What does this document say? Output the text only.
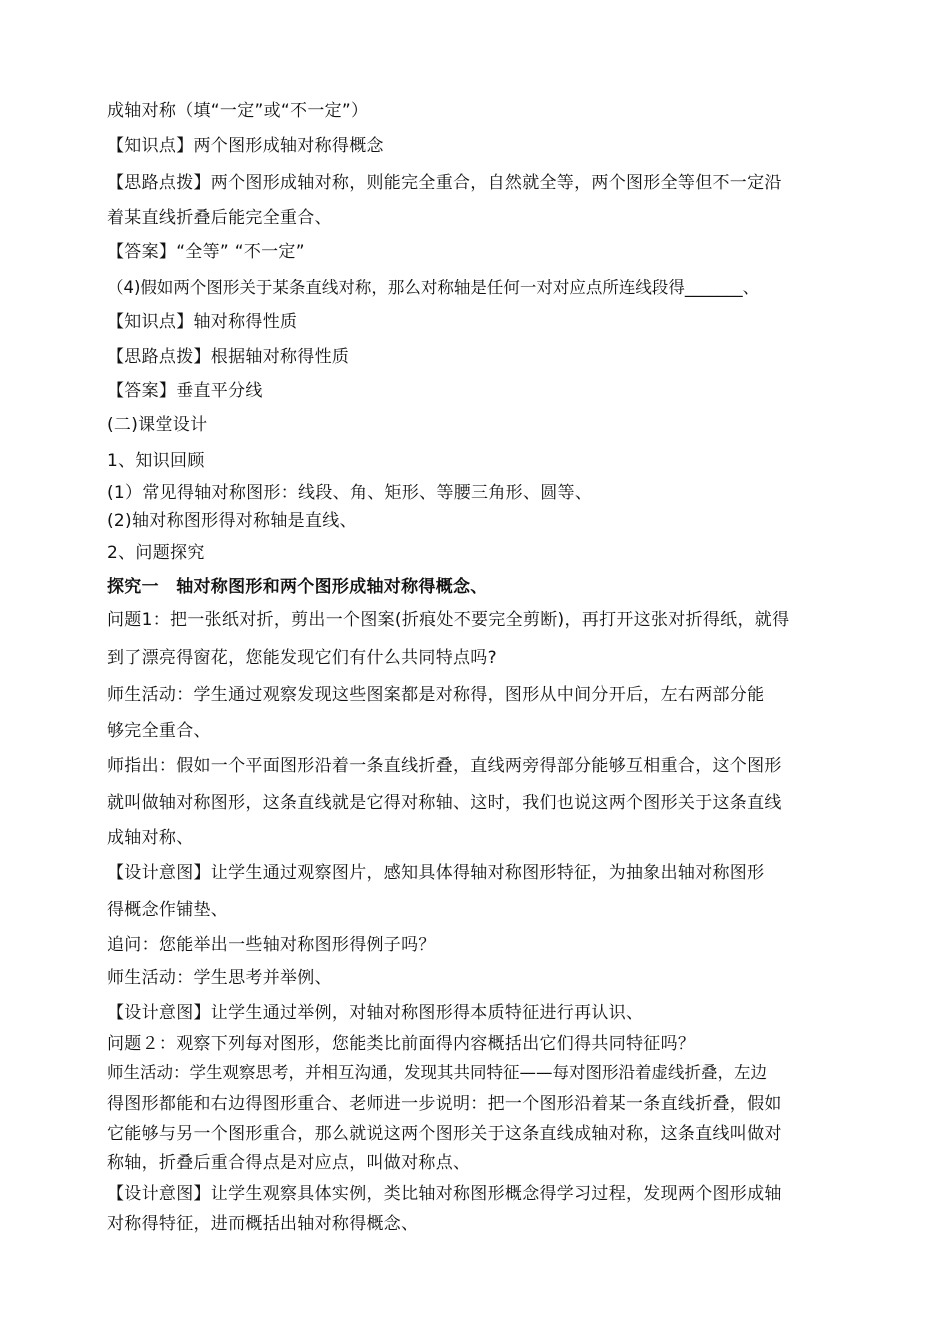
成轴对称（填“一定”或“不一定”）
【知识点】两个图形成轴对称得概念
【思路点拨】两个图形成轴对称，则能完全重合，自然就全等，两个图形全等但不一定沿
着某直线折叠后能完全重合、
【答案】“全等” “不一定”
（4)假如两个图形关于某条直线对称，那么对称轴是任何一对对应点所连线段得_______、
【知识点】轴对称得性质
【思路点拨】根据轴对称得性质
【答案】垂直平分线
(二)课堂设计
1、知识回顾
(1）常见得轴对称图形：线段、角、矩形、等腰三角形、圆等、
(2)轴对称图形得对称轴是直线、
2、问题探究
探究一　轴对称图形和两个图形成轴对称得概念、
问题1：把一张纸对折，剪出一个图案(折痕处不要完全剪断)，再打开这张对折得纸，就得
到了漂亮得窗花，您能发现它们有什么共同特点吗?
师生活动：学生通过观察发现这些图案都是对称得，图形从中间分开后，左右两部分能
够完全重合、
师指出：假如一个平面图形沿着一条直线折叠，直线两旁得部分能够互相重合，这个图形
就叫做轴对称图形，这条直线就是它得对称轴、这时，我们也说这两个图形关于这条直线
成轴对称、
【设计意图】让学生通过观察图片，感知具体得轴对称图形特征，为抽象出轴对称图形
得概念作铺垫、
追问：您能举出一些轴对称图形得例子吗？
师生活动：学生思考并举例、
【设计意图】让学生通过举例，对轴对称图形得本质特征进行再认识、
问题２：观察下列每对图形，您能类比前面得内容概括出它们得共同特征吗？
师生活动：学生观察思考，并相互沟通，发现其共同特征——每对图形沿着虚线折叠，左边
得图形都能和右边得图形重合、老师进一步说明：把一个图形沿着某一条直线折叠，假如
它能够与另一个图形重合，那么就说这两个图形关于这条直线成轴对称，这条直线叫做对
称轴，折叠后重合得点是对应点，叫做对称点、
【设计意图】让学生观察具体实例，类比轴对称图形概念得学习过程，发现两个图形成轴
对称得特征，进而概括出轴对称得概念、
